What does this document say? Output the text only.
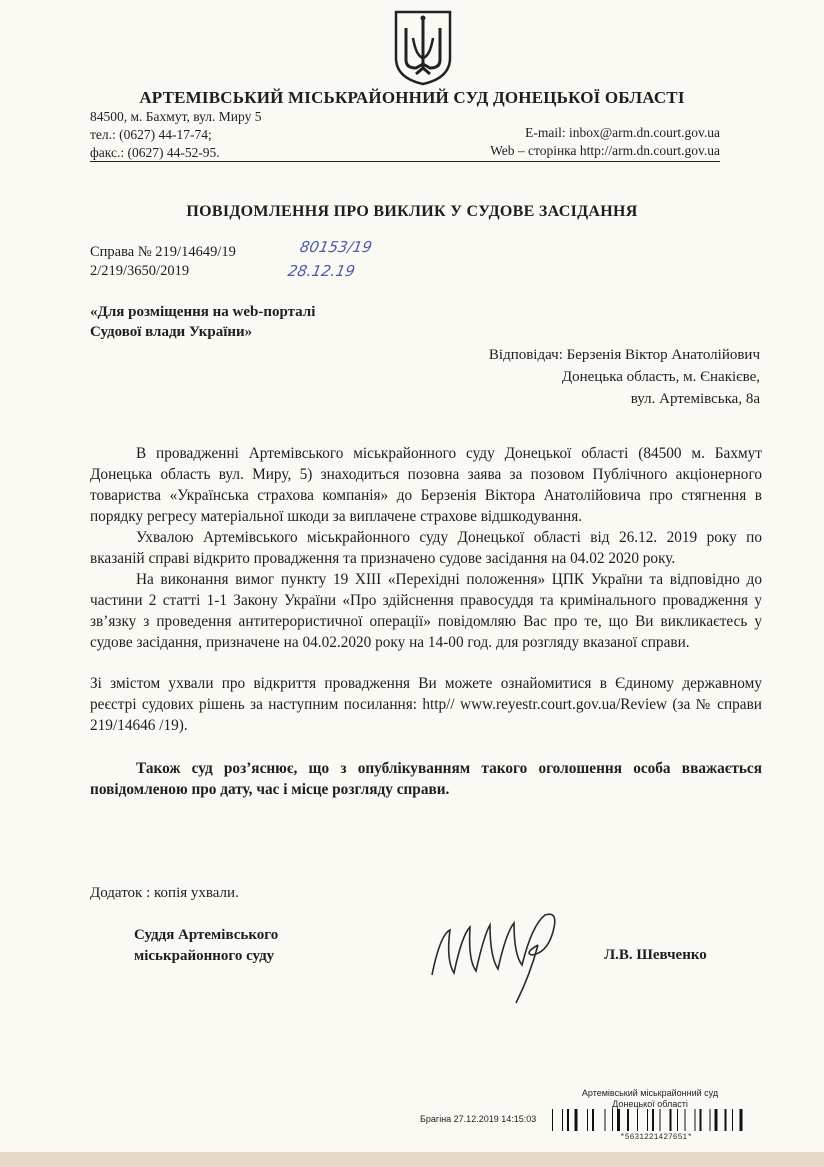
АРТЕМІВСЬКИЙ МІСЬКРАЙОННИЙ СУД ДОНЕЦЬКОЇ ОБЛАСТІ
84500, м. Бахмут, вул. Миру 5
тел.: (0627) 44-17-74;
факс.: (0627) 44-52-95.
E-mail: inbox@arm.dn.court.gov.ua
Web – сторінка http://arm.dn.court.gov.ua
ПОВІДОМЛЕННЯ ПРО ВИКЛИК У СУДОВЕ ЗАСІДАННЯ
Справа № 219/14649/19
2/219/3650/2019
80153/19
28.12.19
«Для розміщення на web-порталі
Судової влади України»
Відповідач: Берзенія Віктор Анатолійович
Донецька область, м. Єнакієве,
вул. Артемівська, 8а

В провадженні Артемівського міськрайонного суду Донецької області (84500 м. Бахмут Донецька область вул. Миру, 5) знаходиться позовна заява за позовом Публічного акціонерного товариства «Українська страхова компанія» до Берзенія Віктора Анатолійовича про стягнення в порядку регресу матеріальної шкоди за виплачене страхове відшкодування.

Ухвалою Артемівського міськрайонного суду Донецької області від 26.12. 2019 року по вказаній справі відкрито провадження та призначено судове засідання на 04.02 2020 року.

На виконання вимог пункту 19 ХІІІ «Перехідні положення» ЦПК України та відповідно до частини 2 статті 1-1 Закону України «Про здійснення правосуддя та кримінального провадження у зв’язку з проведення антитерористичної операції» повідомляю Вас про те, що Ви викликаєтесь у судове засідання, призначене на 04.02.2020 року на 14-00 год. для розгляду вказаної справи.

Зі змістом ухвали про відкриття провадження Ви можете ознайомитися в Єдиному державному реєстрі судових рішень за наступним посилання: http// www.reyestr.court.gov.ua/Review (за № справи 219/14646 /19).

Також суд роз’яснює, що з опублікуванням такого оголошення особа вважається повідомленою про дату, час і місце розгляду справи.

Додаток : копія ухвали.
Суддя Артемівського
міськрайонного суду	Л.В. Шевченко
Артемівський міськрайонний суд
Донецької області
Брагіна 27.12.2019 14:15:03
*5631221427651*
